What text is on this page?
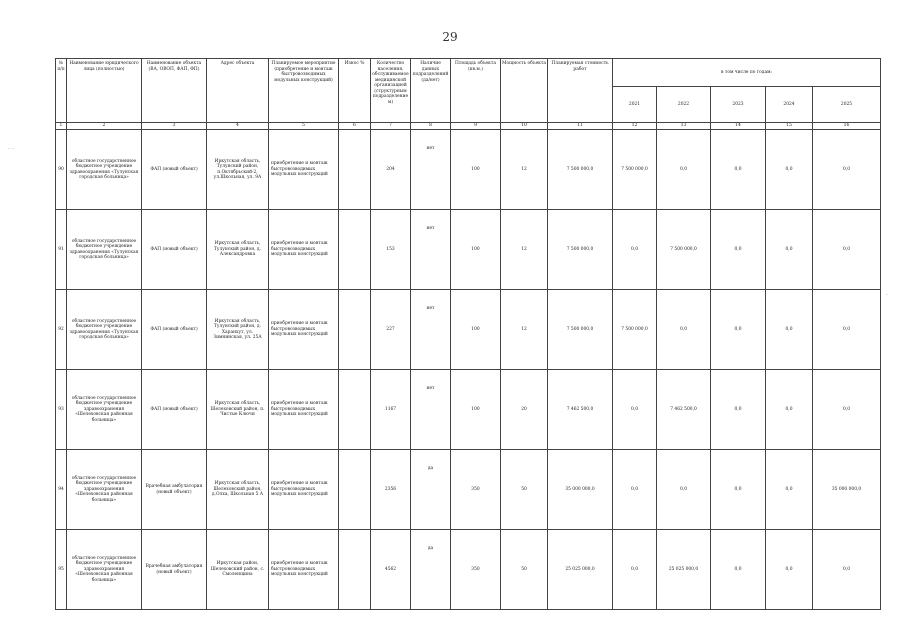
29
· ·
·
№ п/п	Наименование юридического лица (полностью)	Наименование объекта (ВА, ОВОП, ФАП, ФП)	Адрес объекта	Планируемое мероприятие (приобретение и монтаж быстровозводимых модульных конструкций)	Износ %	Количество населения, обслуживаемое медицинской организацией (структурным подразделением)	Наличие данных подразделений (да/нет)	Площадь объекта (кв.м.)	Мощность объекта	Планируемая стоимость работ	в том числе по годам:				
											2021	2022	2023	2024	2025
1	2	3	4	5	6	7	8	9	10	11	12	13	14	15	16
90	областное государственное бюджетное учреждение здравоохранения «Тулунская городская больница»	ФАП (новый объект)	Иркутская область, Тулунский район, п.Октябрьский-2, ул.Школьная, ул. 9А	приобретение и монтаж быстровозводимых модульных конструкций		204	нет	100	12	7 500 000,0	7 500 000,0	0,0	0,0	0,0	0,0
91	областное государственное бюджетное учреждение здравоохранения «Тулунская городская больница»	ФАП (новый объект)	Иркутская область, Тулунский район, д. Александровка	приобретение и монтаж быстровозводимых модульных конструкций		153	нет	100	12	7 500 000,0	0,0	7 500 000,0	0,0	0,0	0,0
92	областное государственное бюджетное учреждение здравоохранения «Тулунская городская больница»	ФАП (новый объект)	Иркутская область, Тулунский район, д. Харанхут, ул. Зимнинская, ул. 25А	приобретение и монтаж быстровозводимых модульных конструкций		227	нет	100	12	7 500 000,0	7 500 000,0	0,0	0,0	0,0	0,0
93	областное государственное бюджетное учреждение здравоохранения «Шелеховская районная больница»	ФАП (новый объект)	Иркутская область, Шелеховский район, п. Чистые Ключи	приобретение и монтаж быстровозводимых модульных конструкций		1167	нет	100	20	7 462 500,0	0,0	7 462 500,0	0,0	0,0	0,0
94	областное государственное бюджетное учреждение здравоохранения «Шелеховская районная больница»	Врачебная амбулатория (новый объект)	Иркутская область, Шелеховский район, д.Олха, Школьная 5 А	приобретение и монтаж быстровозводимых модульных конструкций		2356	да	350	50	35 000 000,0	0,0	0,0	0,0	0,0	35 000 000,0
95	областное государственное бюджетное учреждение здравоохранения «Шелеховская районная больница»	Врачебная амбулатория (новый объект)	Иркутская район, Шелеховский район, с. Смоленщина	приобретение и монтаж быстровозводимых модульных конструкций		4562	да	350	50	25 025 000,0	0,0	25 025 000,0	0,0	0,0	0,0
